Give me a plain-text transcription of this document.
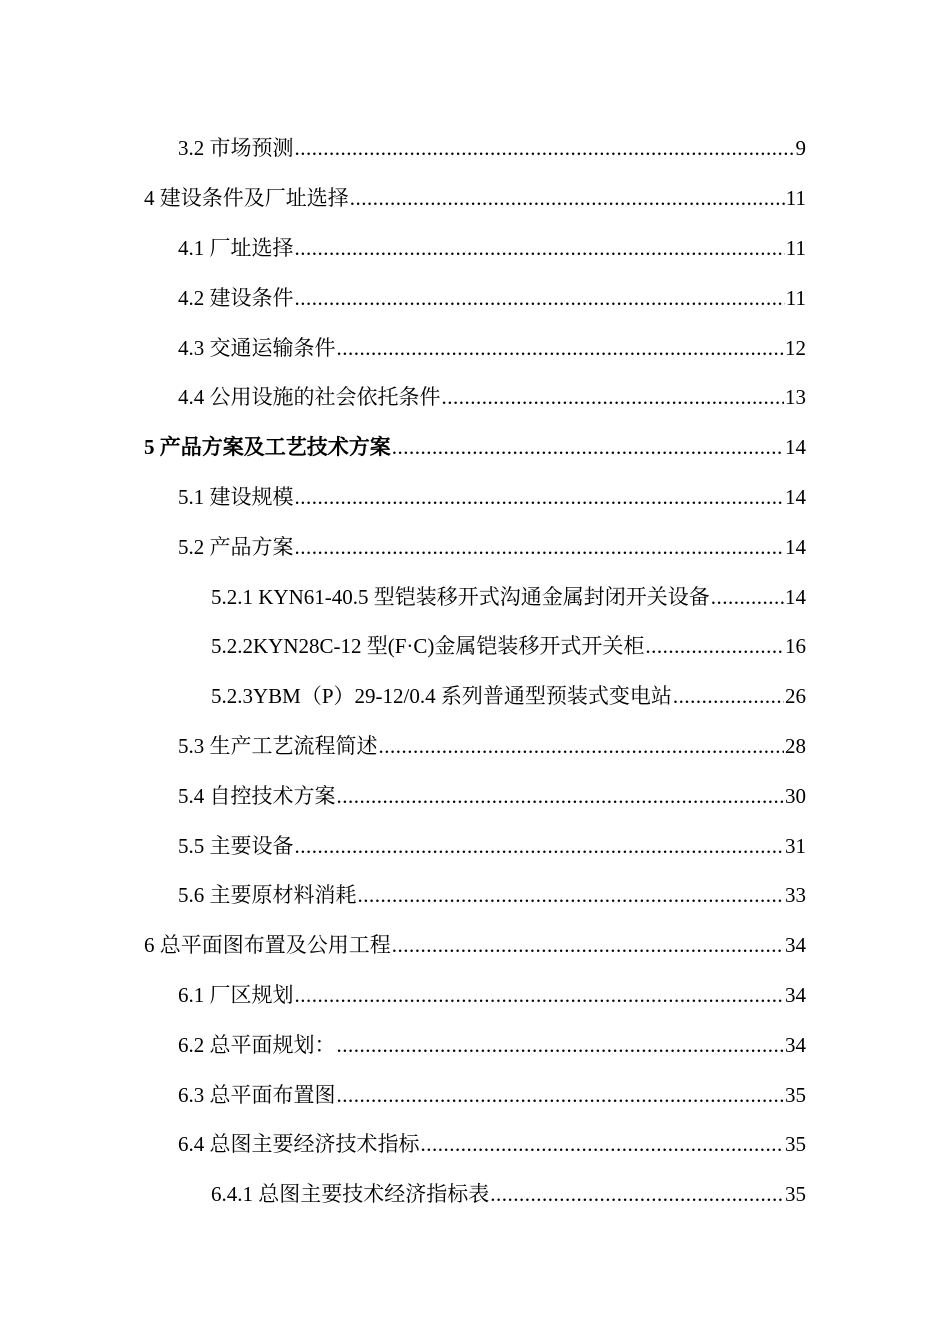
3.2 市场预测 .....	9
4 建设条件及厂址选择 .....	11
4.1 厂址选择 .....	11
4.2 建设条件 .....	11
4.3 交通运输条件 .....	12
4.4 公用设施的社会依托条件 .....	13
5 产品方案及工艺技术方案 .....	14
5.1 建设规模 .....	14
5.2 产品方案 .....	14
5.2.1 KYN61-40.5 型铠装移开式沟通金属封闭开关设备 .....	14
5.2.2KYN28C-12 型(F·C)金属铠装移开式开关柜 .....	16
5.2.3YBM（P）29-12/0.4 系列普通型预装式变电站 .....	26
5.3 生产工艺流程简述 .....	28
5.4 自控技术方案 .....	30
5.5 主要设备 .....	31
5.6 主要原材料消耗 .....	33
6 总平面图布置及公用工程 .....	34
6.1 厂区规划 .....	34
6.2 总平面规划： .....	34
6.3 总平面布置图 .....	35
6.4 总图主要经济技术指标 .....	35
6.4.1 总图主要技术经济指标表 .....	35
